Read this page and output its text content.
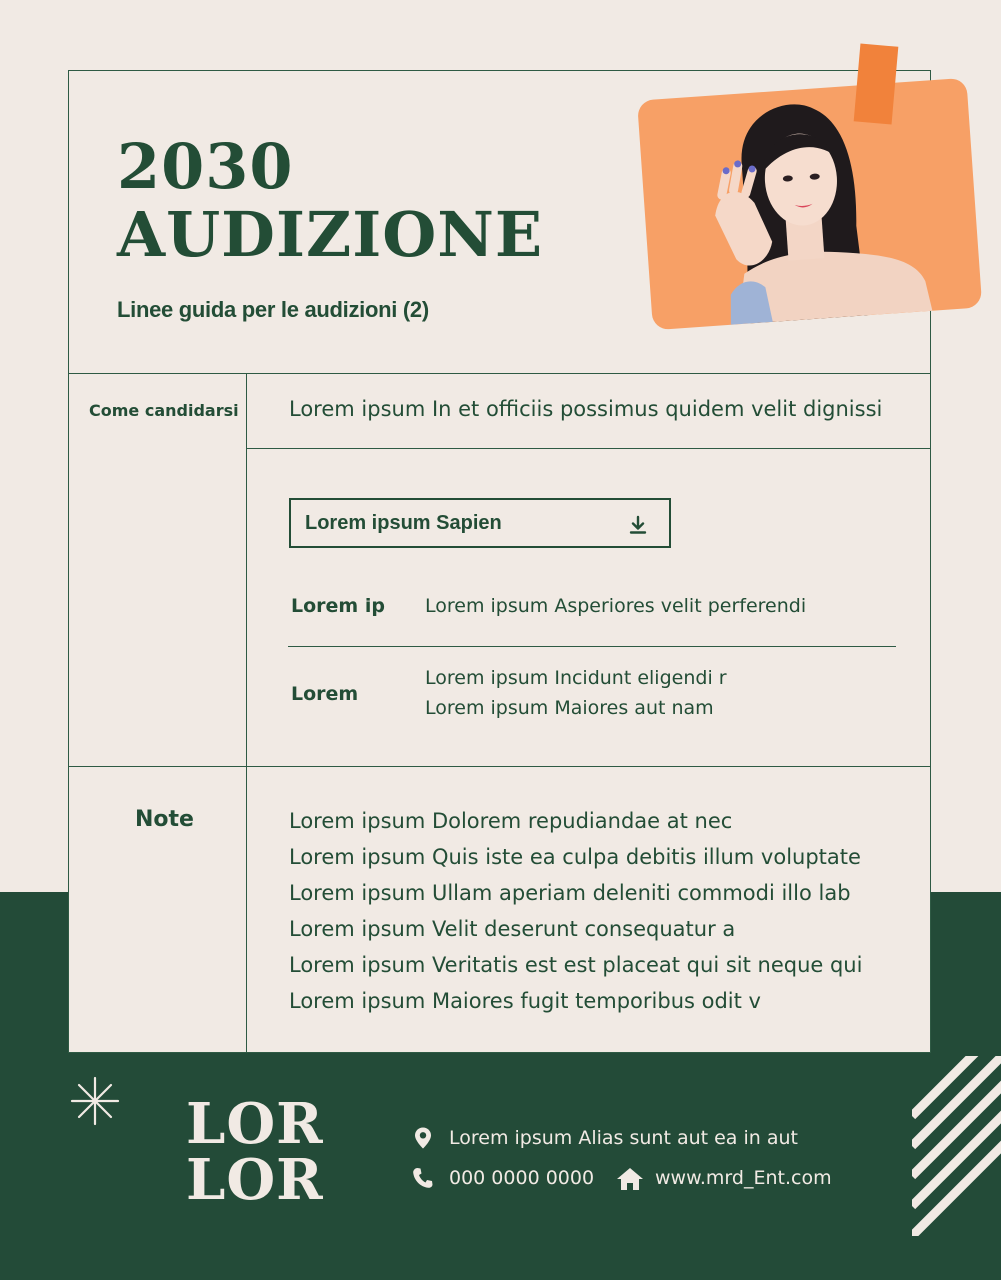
2030
AUDIZIONE
Linee guida per le audizioni (2)
Come candidarsi Lorem ipsum In et officiis possimus quidem velit dignissi
Lorem ipsum Sapien
Lorem ip Lorem ipsum Asperiores velit perferendi
Lorem
Lorem ipsum Incidunt eligendi r
Lorem ipsum Maiores aut nam
Note	Lorem ipsum Dolorem repudiandae at nec
Lorem ipsum Quis iste ea culpa debitis illum voluptate
Lorem ipsum Ullam aperiam deleniti commodi illo lab
Lorem ipsum Velit deserunt consequatur a
Lorem ipsum Veritatis est est placeat qui sit neque qui
Lorem ipsum Maiores fugit temporibus odit v
LOR
LOR
Lorem ipsum Alias sunt aut ea in aut
000 0000 0000	www.mrd_Ent.com
